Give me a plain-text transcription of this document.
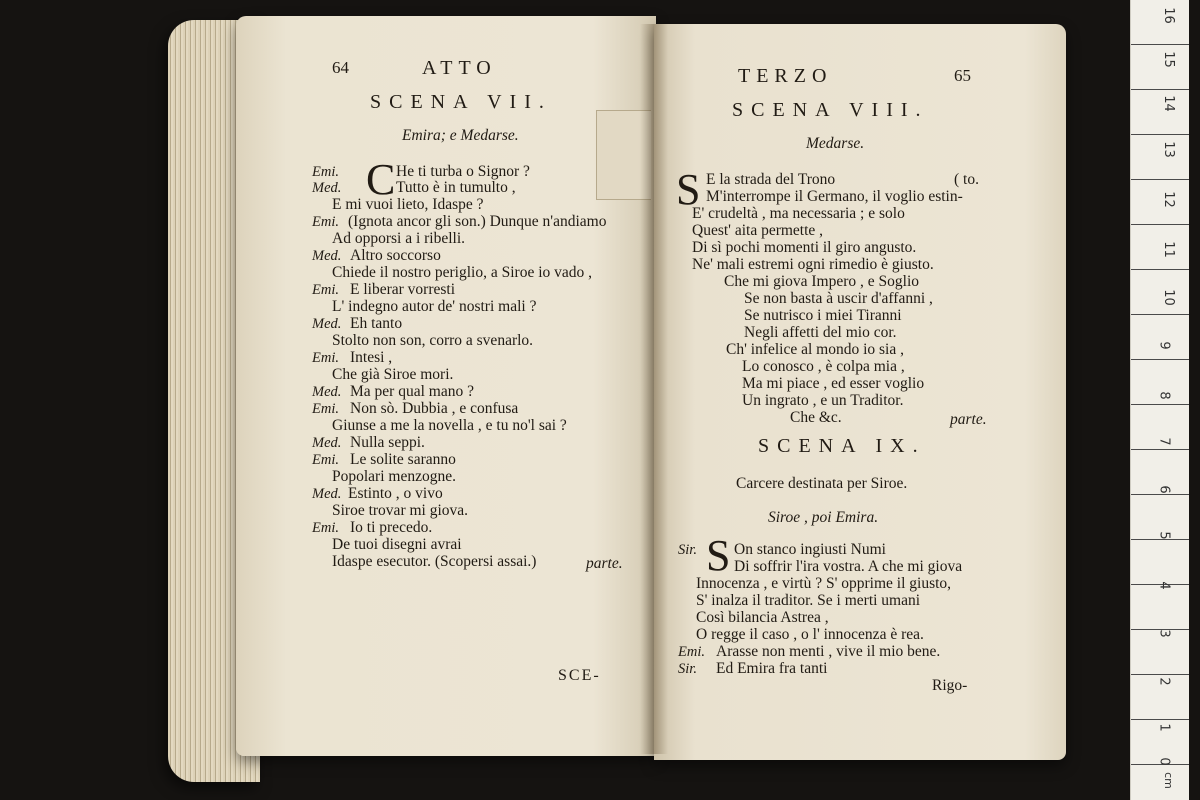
64	ATTO
SCENA VII.
Emira; e Medarse.
C
Emi.	He ti turba o Signor ?
Med.	Tutto è in tumulto ,
E mi vuoi lieto, Idaspe ?
Emi. (Ignota ancor gli son.) Dunque n'andiamo
Ad opporsi a i ribelli.
Med. Altro soccorso
Chiede il nostro periglio, a Siroe io vado ,
Emi. E liberar vorresti
L' indegno autor de' nostri mali ?
Med. Eh tanto
Stolto non son, corro a svenarlo.
Emi. Intesi ,
Che già Siroe mori.
Med. Ma per qual mano ?
Emi. Non sò. Dubbia , e confusa
Giunse a me la novella , e tu no'l sai ?
Med. Nulla seppi.
Emi. Le solite saranno
Popolari menzogne.
Med. Estinto , o vivo
Siroe trovar mi giova.
Emi. Io ti precedo.
De tuoi disegni avrai
Idaspe esecutor. (Scopersi assai.)	parte.
SCE-
TERZO	65
SCENA VIII.
Medarse.
S E la strada del Trono	( to.
M'interrompe il Germano, il voglio estin-
E' crudeltà , ma necessaria ; e solo
Quest' aita permette ,
Di sì pochi momenti il giro angusto.
Ne' mali estremi ogni rimedio è giusto.
Che mi giova Impero , e Soglio
Se non basta à uscir d'affanni ,
Se nutrisco i miei Tiranni
Negli affetti del mio cor.
Ch' infelice al mondo io sia ,
Lo conosco , è colpa mia ,
Ma mi piace , ed esser voglio
Un ingrato , e un Traditor.
Che &c.	parte.
SCENA IX.
Carcere destinata per Siroe.
Siroe , poi Emira.
Sir. S On stanco ingiusti Numi
Di soffrir l'ira vostra. A che mi giova
Innocenza , e virtù ? S' opprime il giusto,
S' inalza il traditor. Se i merti umani
Così bilancia Astrea ,
O regge il caso , o l' innocenza è rea.
Emi. Arasse non menti , vive il mio bene.
Sir. Ed Emira fra tanti
Rigo-
16
15
14
13
12
11
10
9
8
7
6
5
4
3
2
1
0
cm
